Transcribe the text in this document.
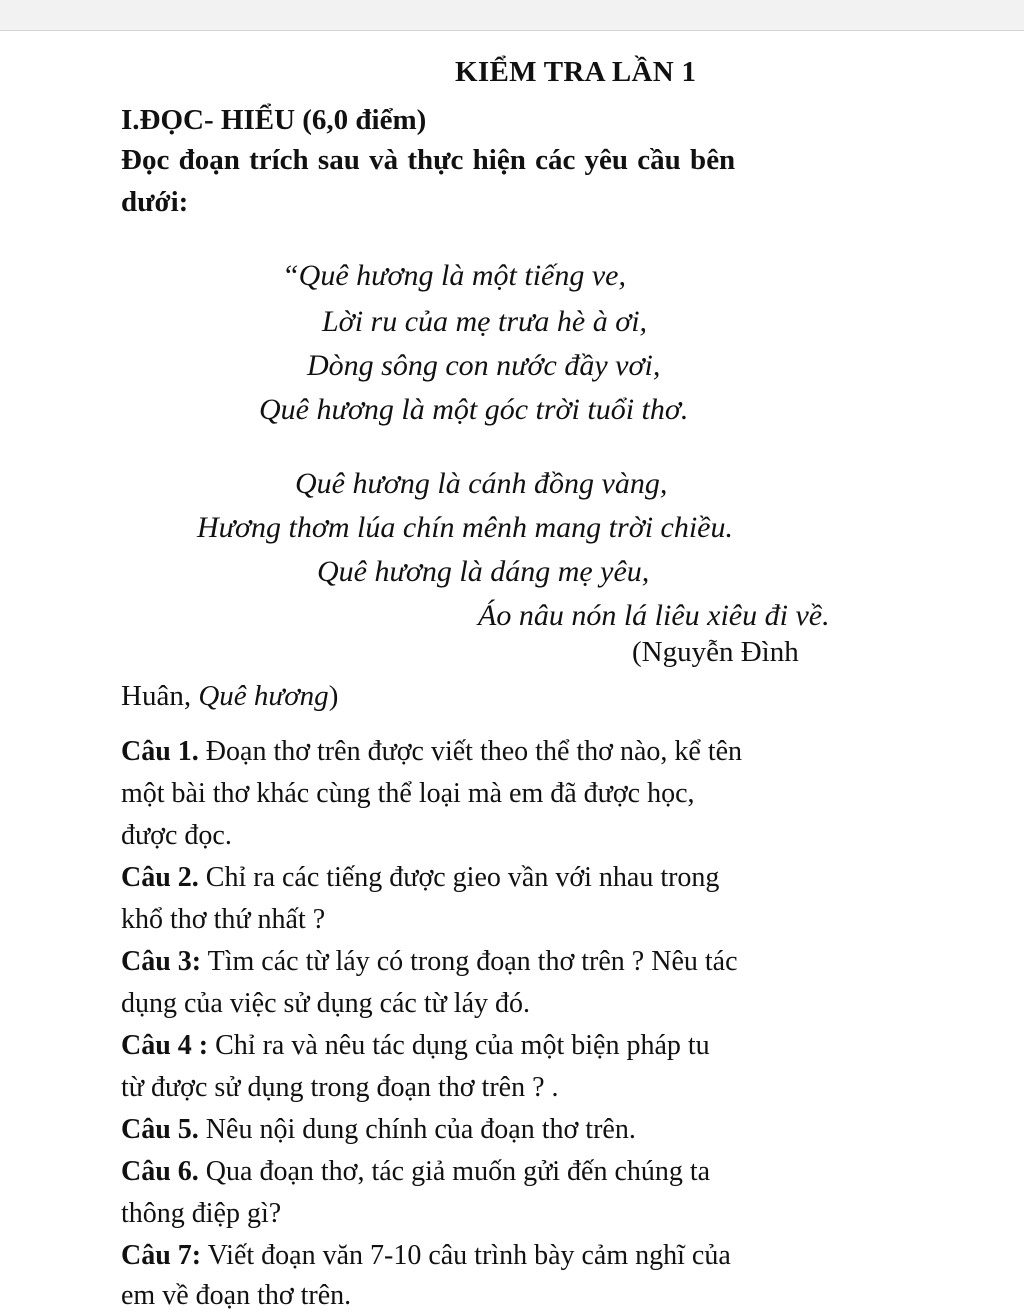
KIỂM TRA LẦN 1
I.ĐỌC- HIỂU (6,0 điểm)
Đọc đoạn trích sau và thực hiện các yêu cầu bên
dưới:
“Quê hương là một tiếng ve,
Lời ru của mẹ trưa hè à ơi,
Dòng sông con nước đầy vơi,
Quê hương là một góc trời tuổi thơ.
Quê hương là cánh đồng vàng,
Hương thơm lúa chín mênh mang trời chiều.
Quê hương là dáng mẹ yêu,
Áo nâu nón lá liêu xiêu đi về.
(Nguyễn Đình
Huân, Quê hương)
Câu 1. Đoạn thơ trên được viết theo thể thơ nào, kể tên
một bài thơ khác cùng thể loại mà em đã được học,
được đọc.
Câu 2. Chỉ ra các tiếng được gieo vần với nhau trong
khổ thơ thứ nhất ?
Câu 3: Tìm các từ láy có trong đoạn thơ trên ? Nêu tác
dụng của việc sử dụng các từ láy đó.
Câu 4 : Chỉ ra và nêu tác dụng của một biện pháp tu
từ được sử dụng trong đoạn thơ trên ? .
Câu 5. Nêu nội dung chính của đoạn thơ trên.
Câu 6. Qua đoạn thơ, tác giả muốn gửi đến chúng ta
thông điệp gì?
Câu 7: Viết đoạn văn 7-10 câu trình bày cảm nghĩ của
em về đoạn thơ trên.
